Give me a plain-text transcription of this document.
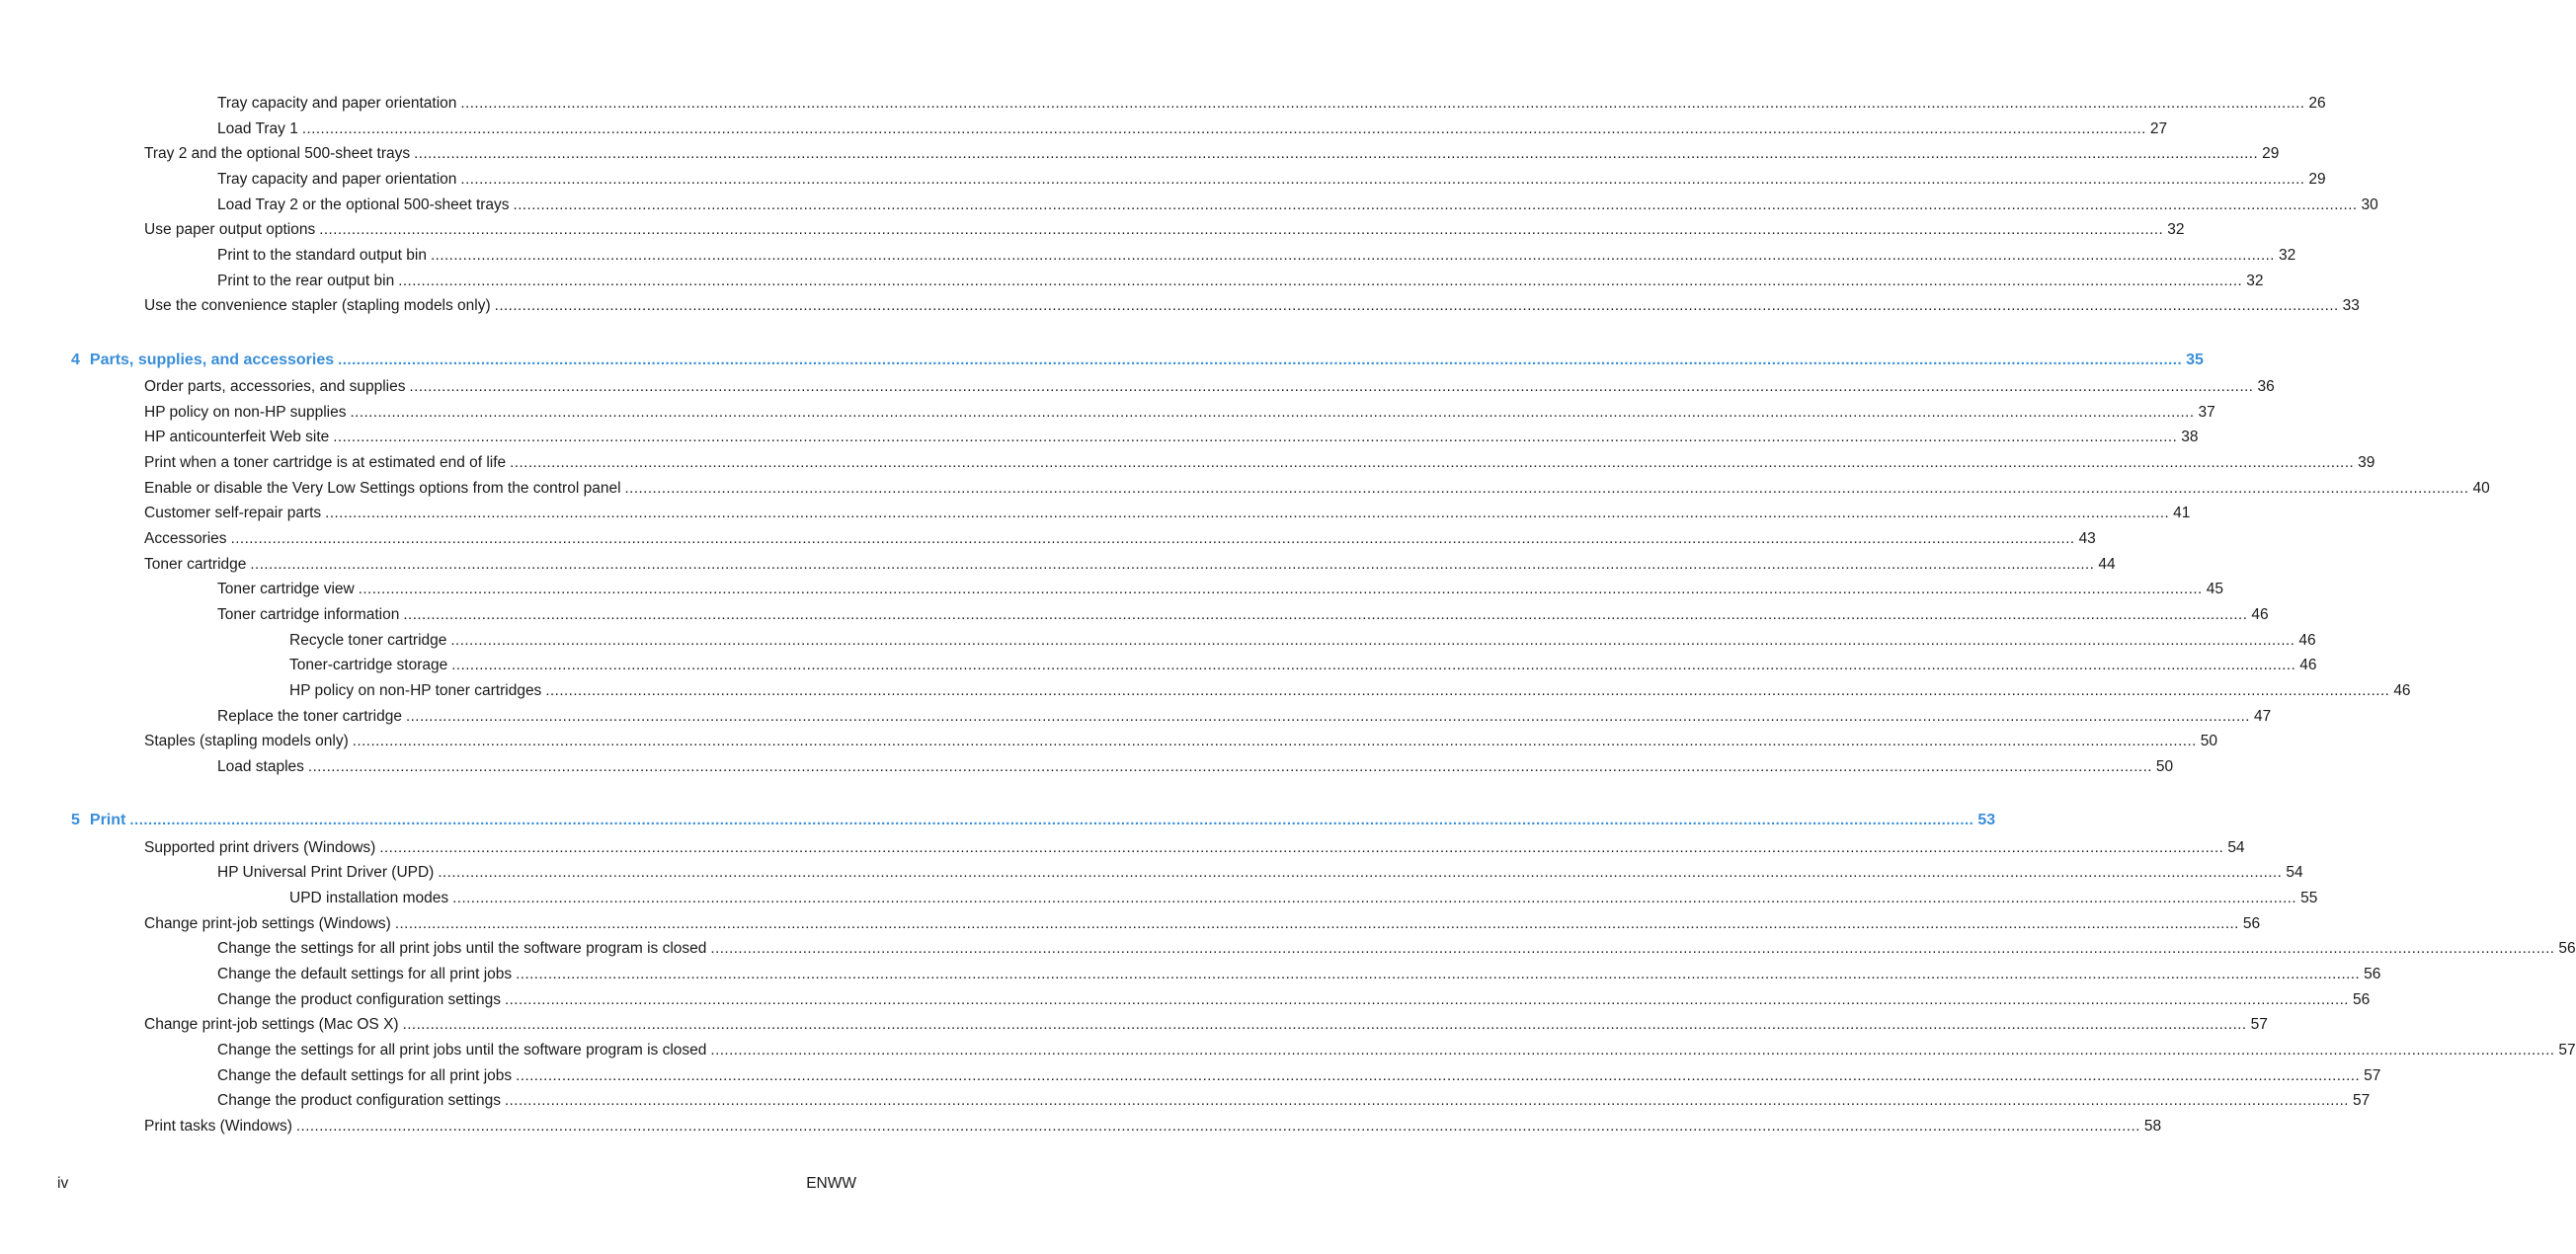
Tray capacity and paper orientation ................................................................................................................................................................................................................................................................................................................................................................................................................ 26
Load Tray 1 ................................................................................................................................................................................................................................................................................................................................................................................................................ 27
Tray 2 and the optional 500-sheet trays ................................................................................................................................................................................................................................................................................................................................................................................................................ 29
Tray capacity and paper orientation ................................................................................................................................................................................................................................................................................................................................................................................................................ 29
Load Tray 2 or the optional 500-sheet trays ................................................................................................................................................................................................................................................................................................................................................................................................................ 30
Use paper output options ................................................................................................................................................................................................................................................................................................................................................................................................................ 32
Print to the standard output bin ................................................................................................................................................................................................................................................................................................................................................................................................................ 32
Print to the rear output bin ................................................................................................................................................................................................................................................................................................................................................................................................................ 32
Use the convenience stapler (stapling models only) ................................................................................................................................................................................................................................................................................................................................................................................................................ 33
4 Parts, supplies, and accessories ................................................................................................................................................................................................................................................................................................................................................................................................................ 35
Order parts, accessories, and supplies ................................................................................................................................................................................................................................................................................................................................................................................................................ 36
HP policy on non-HP supplies ................................................................................................................................................................................................................................................................................................................................................................................................................ 37
HP anticounterfeit Web site ................................................................................................................................................................................................................................................................................................................................................................................................................ 38
Print when a toner cartridge is at estimated end of life ................................................................................................................................................................................................................................................................................................................................................................................................................ 39
Enable or disable the Very Low Settings options from the control panel ................................................................................................................................................................................................................................................................................................................................................................................................................ 40
Customer self-repair parts ................................................................................................................................................................................................................................................................................................................................................................................................................ 41
Accessories ................................................................................................................................................................................................................................................................................................................................................................................................................ 43
Toner cartridge ................................................................................................................................................................................................................................................................................................................................................................................................................ 44
Toner cartridge view ................................................................................................................................................................................................................................................................................................................................................................................................................ 45
Toner cartridge information ................................................................................................................................................................................................................................................................................................................................................................................................................ 46
Recycle toner cartridge ................................................................................................................................................................................................................................................................................................................................................................................................................ 46
Toner-cartridge storage ................................................................................................................................................................................................................................................................................................................................................................................................................ 46
HP policy on non-HP toner cartridges ................................................................................................................................................................................................................................................................................................................................................................................................................ 46
Replace the toner cartridge ................................................................................................................................................................................................................................................................................................................................................................................................................ 47
Staples (stapling models only) ................................................................................................................................................................................................................................................................................................................................................................................................................ 50
Load staples ................................................................................................................................................................................................................................................................................................................................................................................................................ 50
5 Print ................................................................................................................................................................................................................................................................................................................................................................................................................ 53
Supported print drivers (Windows) ................................................................................................................................................................................................................................................................................................................................................................................................................ 54
HP Universal Print Driver (UPD) ................................................................................................................................................................................................................................................................................................................................................................................................................ 54
UPD installation modes ................................................................................................................................................................................................................................................................................................................................................................................................................ 55
Change print-job settings (Windows) ................................................................................................................................................................................................................................................................................................................................................................................................................ 56
Change the settings for all print jobs until the software program is closed ................................................................................................................................................................................................................................................................................................................................................................................................................ 56
Change the default settings for all print jobs ................................................................................................................................................................................................................................................................................................................................................................................................................ 56
Change the product configuration settings ................................................................................................................................................................................................................................................................................................................................................................................................................ 56
Change print-job settings (Mac OS X) ................................................................................................................................................................................................................................................................................................................................................................................................................ 57
Change the settings for all print jobs until the software program is closed ................................................................................................................................................................................................................................................................................................................................................................................................................ 57
Change the default settings for all print jobs ................................................................................................................................................................................................................................................................................................................................................................................................................ 57
Change the product configuration settings ................................................................................................................................................................................................................................................................................................................................................................................................................ 57
Print tasks (Windows) ................................................................................................................................................................................................................................................................................................................................................................................................................ 58
iv	ENWW
